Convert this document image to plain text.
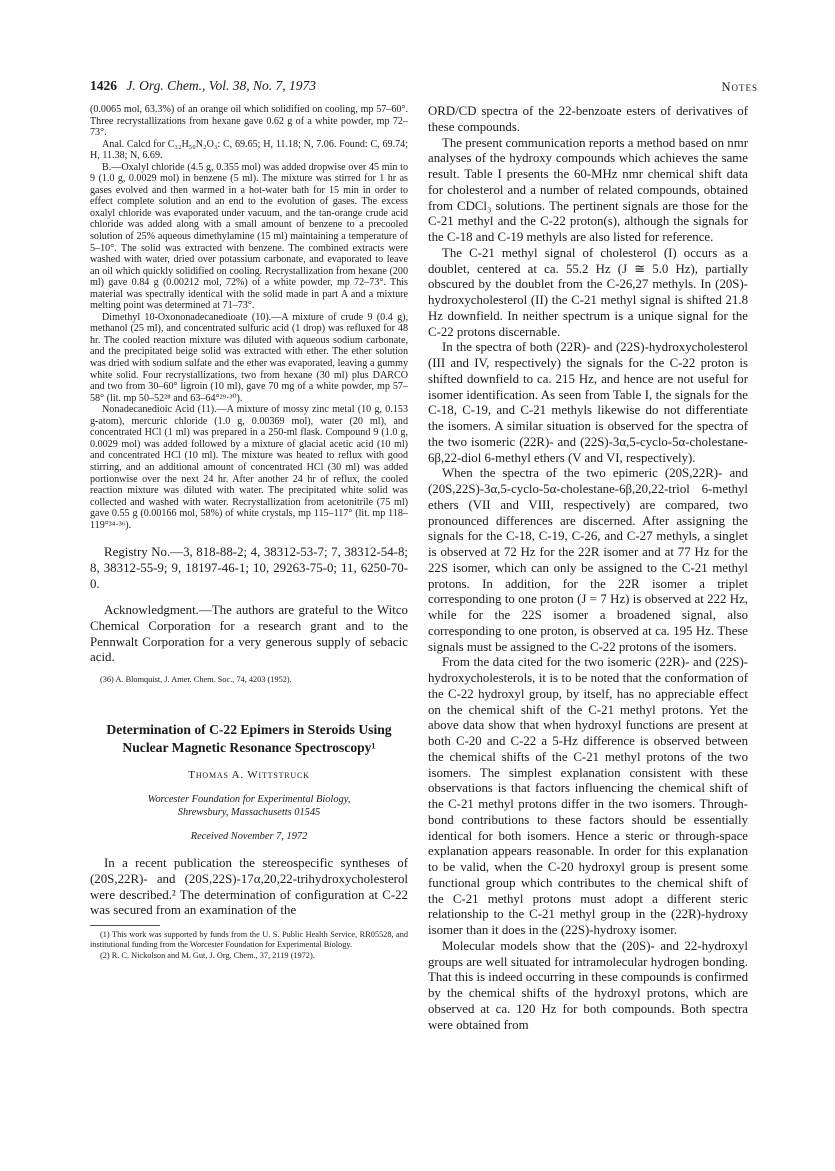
1426 J. Org. Chem., Vol. 38, No. 7, 1973	Notes

(0.0065 mol, 63.3%) of an orange oil which solidified on cooling, mp 57–60°. Three recrystallizations from hexane gave 0.62 g of a white powder, mp 72–73°.

Anal. Calcd for C₃₂H₅₀N₂O₃: C, 69.65; H, 11.18; N, 7.06. Found: C, 69.74; H, 11.38; N, 6.69.

B.—Oxalyl chloride (4.5 g, 0.355 mol) was added dropwise over 45 min to 9 (1.0 g, 0.0029 mol) in benzene (5 ml). The mixture was stirred for 1 hr as gases evolved and then warmed in a hot-water bath for 15 min in order to effect complete solution and an end to the evolution of gases. The excess oxalyl chloride was evaporated under vacuum, and the tan-orange crude acid chloride was added along with a small amount of benzene to a precooled solution of 25% aqueous dimethylamine (15 ml) maintaining a temperature of 5–10°. The solid was extracted with benzene. The combined extracts were washed with water, dried over potassium carbonate, and evaporated to leave an oil which quickly solidified on cooling. Recrystallization from hexane (200 ml) gave 0.84 g (0.00212 mol, 72%) of a white powder, mp 72–73°. This material was spectrally identical with the solid made in part A and a mixture melting point was determined at 71–73°.

Dimethyl 10-Oxononadecanedioate (10).—A mixture of crude 9 (0.4 g), methanol (25 ml), and concentrated sulfuric acid (1 drop) was refluxed for 48 hr. The cooled reaction mixture was diluted with aqueous sodium carbonate, and the precipitated beige solid was extracted with ether. The ether solution was dried with sodium sulfate and the ether was evaporated, leaving a gummy white solid. Four recrystallizations, two from hexane (30 ml) plus DARCO and two from 30–60° ligroin (10 ml), gave 70 mg of a white powder, mp 57–58° (lit. mp 50–52²⁸ and 63–64°²⁹·³⁰).

Nonadecanedioic Acid (11).—A mixture of mossy zinc metal (10 g, 0.153 g-atom), mercuric chloride (1.0 g, 0.00369 mol), water (20 ml), and concentrated HCl (1 ml) was prepared in a 250-ml flask. Compound 9 (1.0 g, 0.0029 mol) was added followed by a mixture of glacial acetic acid (10 ml) and concentrated HCl (10 ml). The mixture was heated to reflux with good stirring, and an additional amount of concentrated HCl (30 ml) was added portionwise over the next 24 hr. After another 24 hr of reflux, the cooled reaction mixture was diluted with water. The precipitated white solid was collected and washed with water. Recrystallization from acetonitrile (75 ml) gave 0.55 g (0.00166 mol, 58%) of white crystals, mp 115–117° (lit. mp 118–119°³⁴·³⁶).

Registry No.—3, 818-88-2; 4, 38312-53-7; 7, 38312-54-8; 8, 38312-55-9; 9, 18197-46-1; 10, 29263-75-0; 11, 6250-70-0.

Acknowledgment.—The authors are grateful to the Witco Chemical Corporation for a research grant and to the Pennwalt Corporation for a very generous supply of sebacic acid.

(36) A. Blomquist, J. Amer. Chem. Soc., 74, 4203 (1952).

Determination of C-22 Epimers in Steroids Using Nuclear Magnetic Resonance Spectroscopy¹

Thomas A. Wittstruck

Worcester Foundation for Experimental Biology,

Shrewsbury, Massachusetts 01545

Received November 7, 1972

In a recent publication the stereospecific syntheses of (20S,22R)- and (20S,22S)-17α,20,22-trihydroxycholesterol were described.² The determination of configuration at C-22 was secured from an examination of the

(1) This work was supported by funds from the U. S. Public Health Service, RR05528, and institutional funding from the Worcester Foundation for Experimental Biology.

(2) R. C. Nickolson and M. Gut, J. Org. Chem., 37, 2119 (1972).

ORD/CD spectra of the 22-benzoate esters of derivatives of these compounds.

The present communication reports a method based on nmr analyses of the hydroxy compounds which achieves the same result. Table I presents the 60-MHz nmr chemical shift data for cholesterol and a number of related compounds, obtained from CDCl₃ solutions. The pertinent signals are those for the C-21 methyl and the C-22 proton(s), although the signals for the C-18 and C-19 methyls are also listed for reference.

The C-21 methyl signal of cholesterol (I) occurs as a doublet, centered at ca. 55.2 Hz (J ≅ 5.0 Hz), partially obscured by the doublet from the C-26,27 methyls. In (20S)-hydroxycholesterol (II) the C-21 methyl signal is shifted 21.8 Hz downfield. In neither spectrum is a unique signal for the C-22 protons discernable.

In the spectra of both (22R)- and (22S)-hydroxycholesterol (III and IV, respectively) the signals for the C-22 proton is shifted downfield to ca. 215 Hz, and hence are not useful for isomer identification. As seen from Table I, the signals for the C-18, C-19, and C-21 methyls likewise do not differentiate the isomers. A similar situation is observed for the spectra of the two isomeric (22R)- and (22S)-3α,5-cyclo-5α-cholestane-6β,22-diol 6-methyl ethers (V and VI, respectively).

When the spectra of the two epimeric (20S,22R)- and (20S,22S)-3α,5-cyclo-5α-cholestane-6β,20,22-triol 6-methyl ethers (VII and VIII, respectively) are compared, two pronounced differences are discerned. After assigning the signals for the C-18, C-19, C-26, and C-27 methyls, a singlet is observed at 72 Hz for the 22R isomer and at 77 Hz for the 22S isomer, which can only be assigned to the C-21 methyl protons. In addition, for the 22R isomer a triplet corresponding to one proton (J = 7 Hz) is observed at 222 Hz, while for the 22S isomer a broadened signal, also corresponding to one proton, is observed at ca. 195 Hz. These signals must be assigned to the C-22 protons of the isomers.

From the data cited for the two isomeric (22R)- and (22S)-hydroxycholesterols, it is to be noted that the conformation of the C-22 hydroxyl group, by itself, has no appreciable effect on the chemical shift of the C-21 methyl protons. Yet the above data show that when hydroxyl functions are present at both C-20 and C-22 a 5-Hz difference is observed between the chemical shifts of the C-21 methyl protons of the two isomers. The simplest explanation consistent with these observations is that factors influencing the chemical shift of the C-21 methyl protons differ in the two isomers. Through-bond contributions to these factors should be essentially identical for both isomers. Hence a steric or through-space explanation appears reasonable. In order for this explanation to be valid, when the C-20 hydroxyl group is present some functional group which contributes to the chemical shift of the C-21 methyl protons must adopt a different steric relationship to the C-21 methyl group in the (22R)-hydroxy isomer than it does in the (22S)-hydroxy isomer.

Molecular models show that the (20S)- and 22-hydroxyl groups are well situated for intramolecular hydrogen bonding. That this is indeed occurring in these compounds is confirmed by the chemical shifts of the hydroxyl protons, which are observed at ca. 120 Hz for both compounds. Both spectra were obtained from
